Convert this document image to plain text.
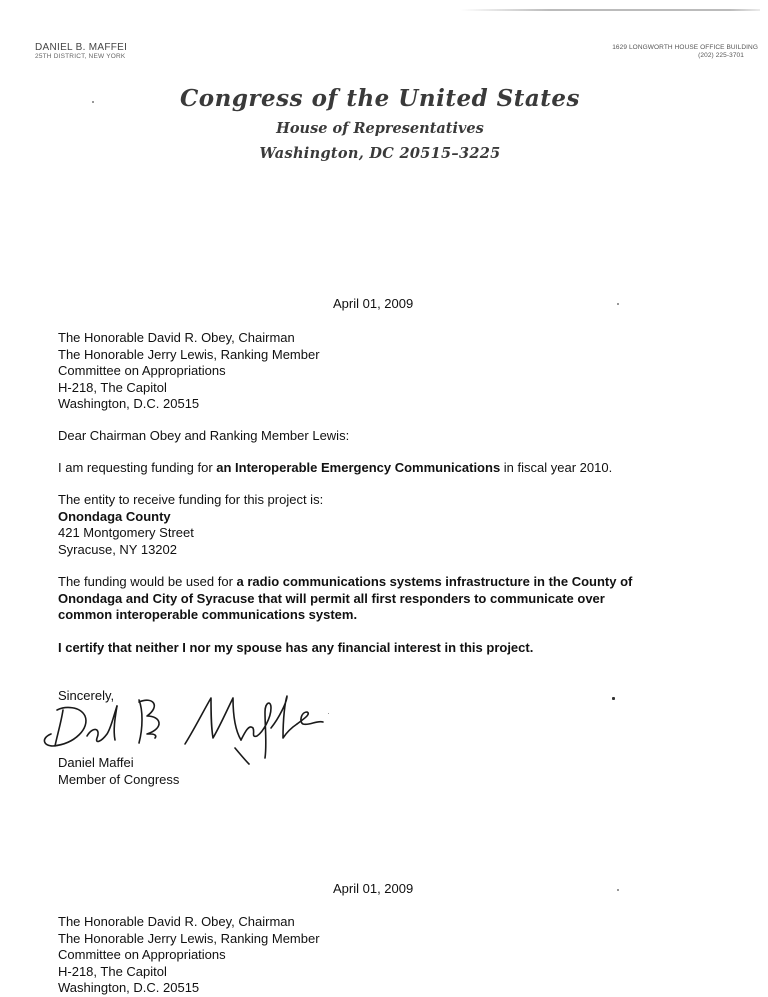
DANIEL B. MAFFEI
25TH DISTRICT, NEW YORK
1629 LONGWORTH HOUSE OFFICE BUILDING
(202) 225-3701
Congress of the United States
House of Representatives
Washington, DC 20515–3225
April 01, 2009
The Honorable David R. Obey, Chairman
The Honorable Jerry Lewis, Ranking Member
Committee on Appropriations
H-218, The Capitol
Washington, D.C. 20515
Dear Chairman Obey and Ranking Member Lewis:
I am requesting funding for an Interoperable Emergency Communications in fiscal year 2010.
The entity to receive funding for this project is:
Onondaga County
421 Montgomery Street
Syracuse, NY 13202
The funding would be used for a radio communications systems infrastructure in the County of
Onondaga and City of Syracuse that will permit all first responders to communicate over
common interoperable communications system.
I certify that neither I nor my spouse has any financial interest in this project.
Sincerely,
Daniel Maffei
Member of Congress
April 01, 2009
The Honorable David R. Obey, Chairman
The Honorable Jerry Lewis, Ranking Member
Committee on Appropriations
H-218, The Capitol
Washington, D.C. 20515
